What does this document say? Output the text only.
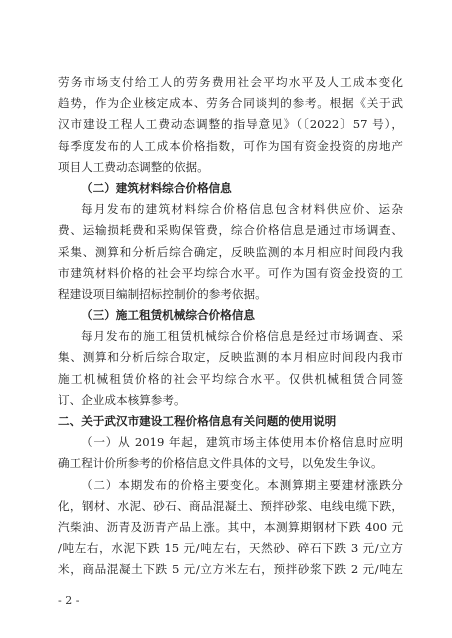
劳务市场支付给工人的劳务费用社会平均水平及人工成本变化
趋势，作为企业核定成本、劳务合同谈判的参考。根据《关于武
汉市建设工程人工费动态调整的指导意见》（〔2022〕57 号），
每季度发布的人工成本价格指数，可作为国有资金投资的房地产
项目人工费动态调整的依据。
（二）建筑材料综合价格信息
每月发布的建筑材料综合价格信息包含材料供应价、运杂
费、运输损耗费和采购保管费，综合价格信息是通过市场调查、
采集、测算和分析后综合确定，反映监测的本月相应时间段内我
市建筑材料价格的社会平均综合水平。可作为国有资金投资的工
程建设项目编制招标控制价的参考依据。
（三）施工租赁机械综合价格信息
每月发布的施工租赁机械综合价格信息是经过市场调查、采
集、测算和分析后综合取定，反映监测的本月相应时间段内我市
施工机械租赁价格的社会平均综合水平。仅供机械租赁合同签
订、企业成本核算参考。
二、关于武汉市建设工程价格信息有关问题的使用说明
（一）从 2019 年起，建筑市场主体使用本价格信息时应明
确工程计价所参考的价格信息文件具体的文号，以免发生争议。
（二）本期发布的价格主要变化。本测算期主要建材涨跌分
化，钢材、水泥、砂石、商品混凝土、预拌砂浆、电线电缆下跌，
汽柴油、沥青及沥青产品上涨。其中，本测算期钢材下跌 400 元
/吨左右，水泥下跌 15 元/吨左右，天然砂、碎石下跌 3 元/立方
米，商品混凝土下跌 5 元/立方米左右，预拌砂浆下跌 2 元/吨左
- 2 -
